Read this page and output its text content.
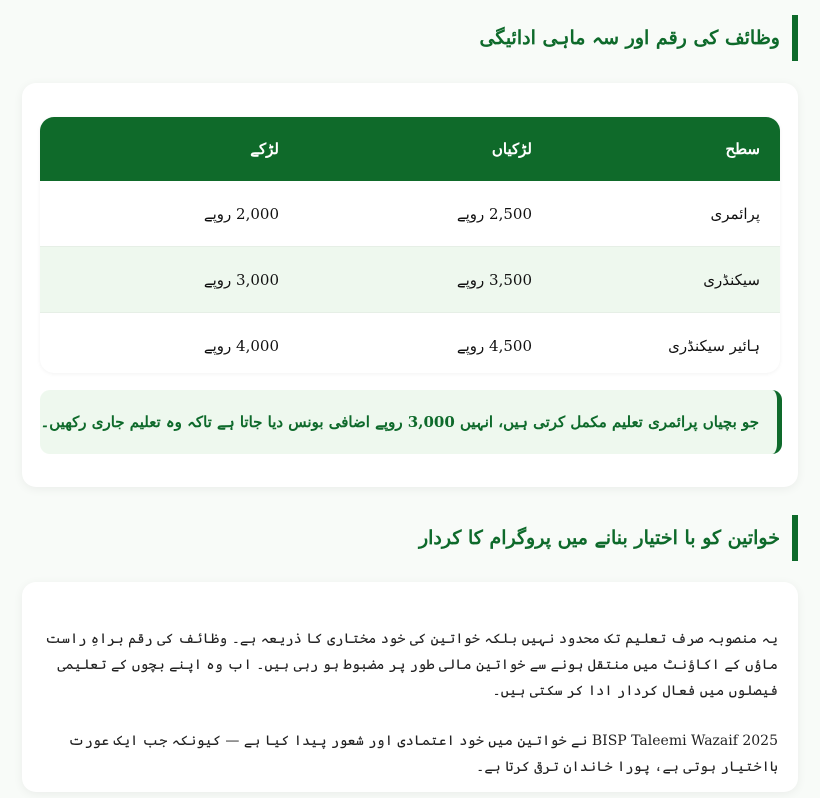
وظائف کی رقم اور سہ ماہی ادائیگی
سطح
لڑکیاں
لڑکے
پرائمری
2,500 روپے
2,000 روپے
سیکنڈری
3,500 روپے
3,000 روپے
ہائیر سیکنڈری
4,500 روپے
4,000 روپے
جو بچیاں پرائمری تعلیم مکمل کرتی ہیں، انہیں 3,000 روپے اضافی بونس دیا جاتا ہے تاکہ وہ تعلیم جاری رکھیں۔
خواتین کو با اختیار بنانے میں پروگرام کا کردار

یہ منصوبہ صرف تعلیم تک محدود نہیں بلکہ خواتین کی خود مختاری کا ذریعہ ہے۔ وظائف کی رقم براہِ راست ماؤں کے اکاؤنٹ میں منتقل ہونے سے خواتین مالی طور پر مضبوط ہو رہی ہیں۔ اب وہ اپنے بچوں کے تعلیمی فیصلوں میں فعال کردار ادا کر سکتی ہیں۔

BISP Taleemi Wazaif 2025 نے خواتین میں خود اعتمادی اور شعور پیدا کیا ہے — کیونکہ جب ایک عورت بااختیار ہوتی ہے، پورا خاندان ترقی کرتا ہے۔
